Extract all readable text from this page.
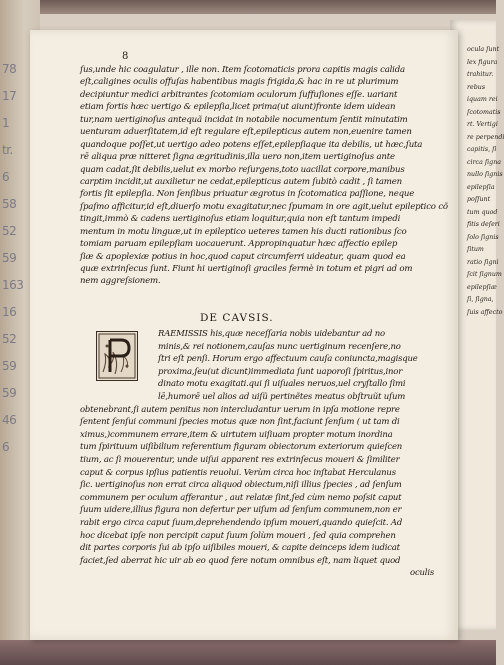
78
17
1
tr.
6
58
52
59
163
16
52
59
59
46
6
ocula ſunt
lex figura
trahitur.
rebus
iquam rei
ſcotomatis
rt. Vertigi
re perpendi
capitis, ſi
circa ſigna
nullo ſignis
epilepſia
poſſunt
tum quod
fitis deſeri
ſolo ſignis
ſitum
ratio ſigni
ſcit ſignum
epilepſiæ
ſi, ſigna,
ſuis affecto
8
ſus,unde hic coagulatur , ille non. Item ſcotomaticis prora capitis magis calida
eſt,caligines oculis offuſas habentibus magis frigida,& hac in re ut plurimum
decipiuntur medici arbitrantes ſcotomiam oculorum ſuffuſiones eſſe. uariant
etiam fortis hæc uertigo & epilepſia,licet prima(ut aiunt)fronte idem uidean
tur,nam uertiginoſus antequã incidat in notabile nocumentum ſentit minutatim
uenturam aduerſitatem,id eſt regulare eſt,epilepticus autem non,euenire tamen
quandoque poſſet,ut uertigo adeo potens eſſet,epilepſiaque ita debilis, ut hæc,ſuta
rē aliqua præ nitteret ſigna ægritudinis,illa uero non,item uertiginoſus ante
quam cadat,ſit debilis,uelut ex morbo reſurgens,toto uacillat corpore,manibus
carptim incidit,ut auxilietur ne cedat,epilepticus autem ſubitò cadit , ſi tamen
fortis ſit epilepſia. Non ſenſibus priuatur ægrotus in ſcotomatica paſſione, neque
ſpaſmo afficitur,id eſt,diuerſo motu exagitatur,nec ſpumam in ore agit,uelut epileptico cõ
tingit,immò & cadens uertiginoſus etiam loquitur,quia non eſt tantum impedi
mentum in motu linguæ,ut in epileptico ueteres tamen his ducti rationibus ſco
tomiam paruam epilepſiam uocauerunt. Appropinquatur hæc affectio epilep
ſiæ & apoplexiæ potius in hoc,quod caput circumferri uideatur, quam quod ea
quæ extrinſecus ſunt. Fiunt hi uertiginoſi graciles fermè in totum et pigri ad om
nem aggreſsionem.
DE CAVSIS.
RAEMISSIS his,quæ neceſſaria nobis uidebantur ad no
minis,& rei notionem,cauſas nunc uertiginum recenſere,no
ſtri eſt penſi. Horum ergo affectuum cauſa coniuncta,magisque
proxima,ſeu(ut dicunt)immediata ſunt uaporoſi ſpiritus,inor
dinato motu exagitati.qui ſi uiſuales neruos,uel cryſtallo ſimi
lē,humorē uel alios ad uiſũ pertinẽtes meatus obſtruũt uſum
obtenebrant,ſi autem penitus non intercludantur uerum in ipſa motione repre
ſentent ſenſui communi ſpecies motus quæ non ſint,faciunt ſenſum ( ut tam di
ximus,)communem errare,item & uirtutem uiſiuam propter motum inordina
tum ſpirituum uiſibilium referentium figuram obiectorum exteriorum quieſcen
tium, ac ſi mouerentur, unde uiſui apparent res extrinſecus moueri & ſimiliter
caput & corpus ipſius patientis reuolui. Verùm circa hoc inſtabat Herculanus
ſic. uertiginoſus non errat circa aliquod obiectum,niſi illius ſpecies , ad ſenſum
communem per oculum afferantur , aut relatæ ſint,ſed cùm nemo poſsit caput
ſuum uidere,illius figura non defertur per uiſum ad ſenſum communem,non er
rabit ergo circa caput ſuum,deprehendendo ipſum moueri,quando quieſcit. Ad
hoc dicebat ipſe non percipit caput ſuum ſolùm moueri , ſed quia comprehen
dit partes corporis ſui ab ipſo uiſibiles moueri, & capite deinceps idem iudicat
faciet,ſed aberrat hic uir ab eo quod fere notum omnibus eſt, nam liquet quod
oculis
